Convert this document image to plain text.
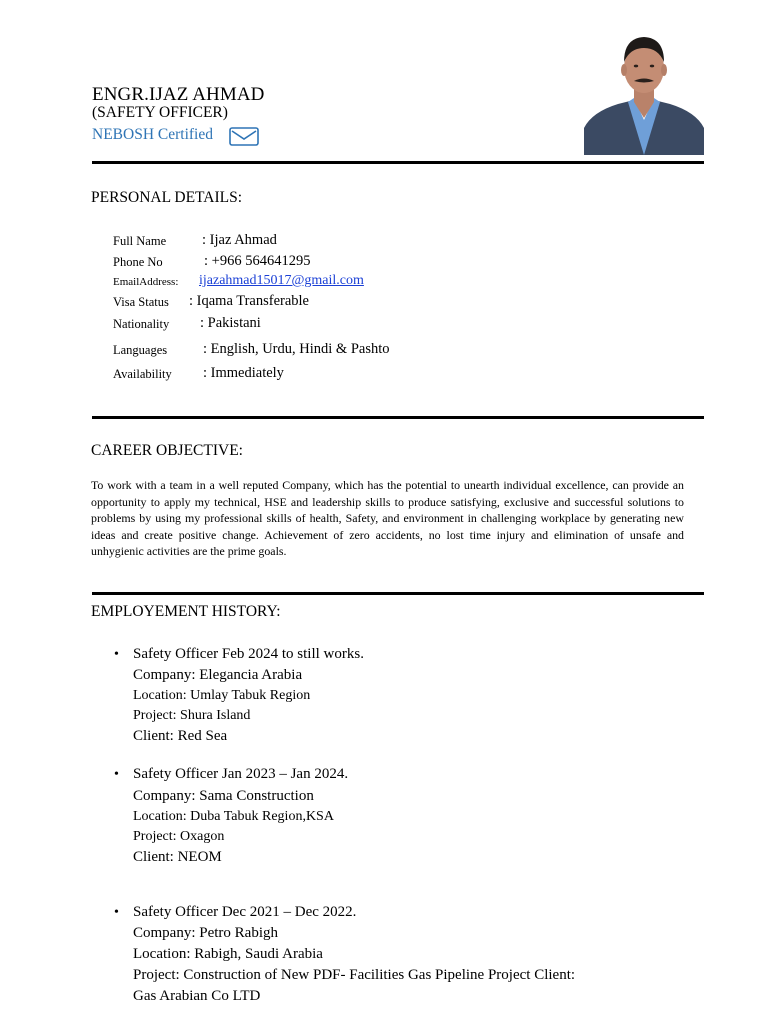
ENGR.IJAZ AHMAD
(SAFETY OFFICER)
NEBOSH Certified
PERSONAL DETAILS:
Full Name : Ijaz Ahmad
Phone No	: +966 564641295
EmailAddress: ijazahmad15017@gmail.com
Visa Status : Iqama Transferable
Nationality : Pakistani
Languages : English, Urdu, Hindi & Pashto
Availability : Immediately
CAREER OBJECTIVE:
To work with a team in a well reputed Company, which has the potential to unearth individual excellence, can provide an opportunity to apply my technical, HSE and leadership skills to produce satisfying, exclusive and successful solutions to problems by using my professional skills of health, Safety, and environment in challenging workplace by generating new ideas and create positive change. Achievement of zero accidents, no lost time injury and elimination of unsafe and unhygienic activities are the prime goals.
EMPLOYEMENT HISTORY:
• Safety Officer Feb 2024 to still works.
Company: Elegancia Arabia
Location: Umlay Tabuk Region
Project: Shura Island
Client: Red Sea
• Safety Officer Jan 2023 – Jan 2024.
Company: Sama Construction
Location: Duba Tabuk Region,KSA
Project: Oxagon
Client: NEOM
• Safety Officer Dec 2021 – Dec 2022.
Company: Petro Rabigh
Location: Rabigh, Saudi Arabia
Project: Construction of New PDF- Facilities Gas Pipeline Project Client:
Gas Arabian Co LTD
